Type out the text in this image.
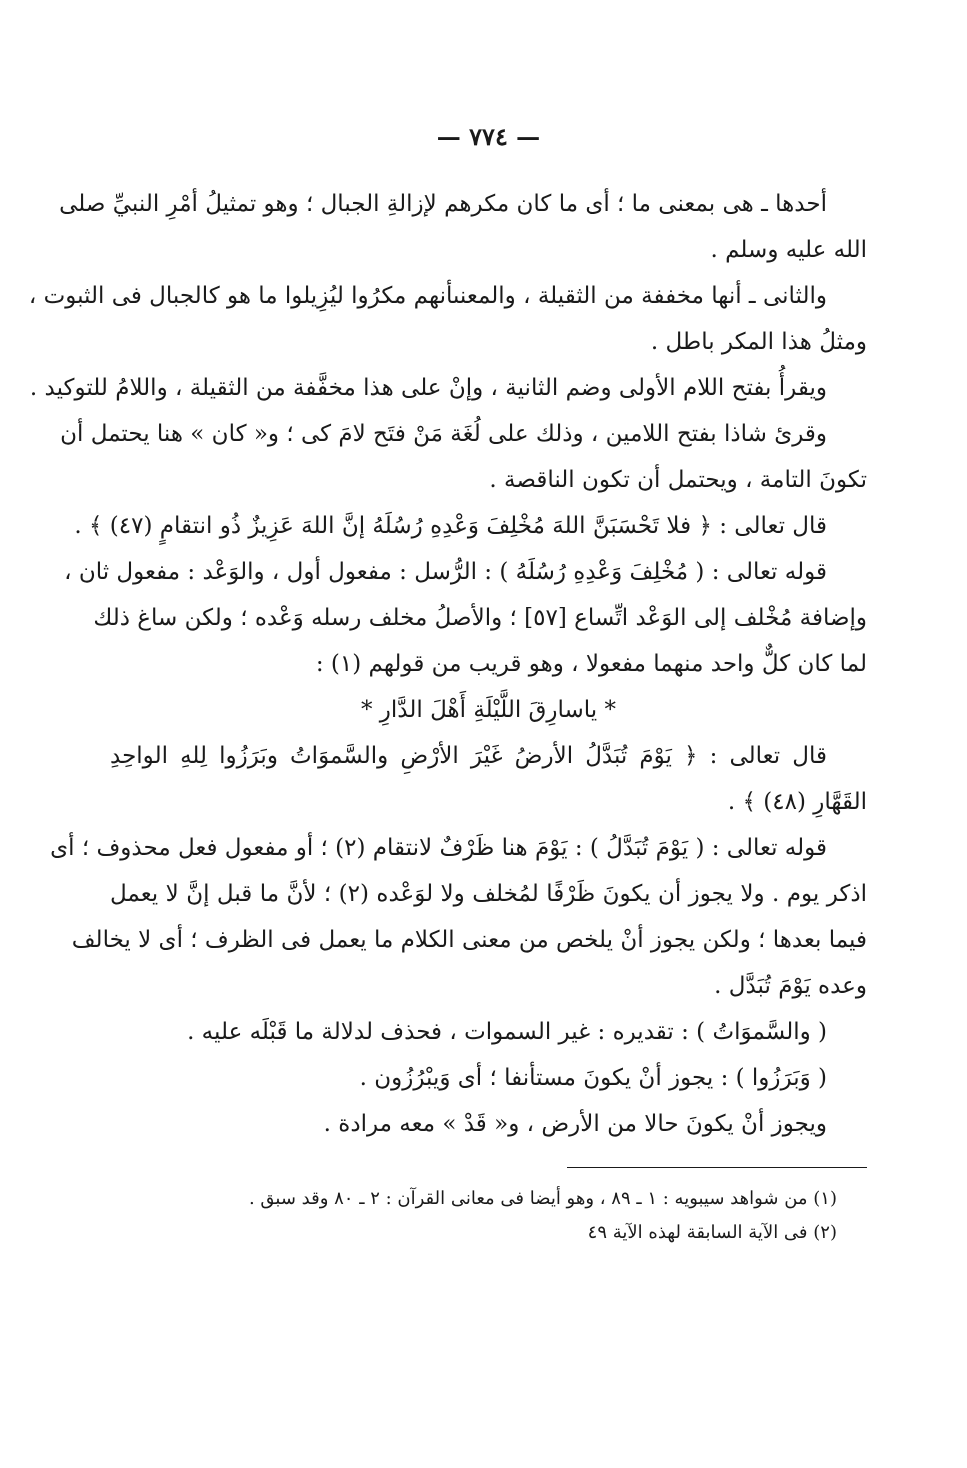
— ٧٧٤ —
أحدها ـ هى بمعنى ما ؛ أى ما كان مكرهم لإزالةِ الجبال ؛ وهو تمثيلُ أمْرِ النبيِّ صلى
الله عليه وسلم .
والثانى ـ أنها مخففة من الثقيلة ، والمعنىأنهم مكرُوا ليُزِيلوا ما هو كالجبال فى الثبوت ،
ومثلُ هذا المكر باطل .
ويقرأُ بفتح اللام الأولى وضم الثانية ، وإنْ على هذا مخفَّفة من الثقيلة ، واللامُ للتوكيد .
وقرئ شاذا بفتح اللامين ، وذلك على لُغَة مَنْ فتَح لامَ كى ؛ و« كان » هنا يحتمل أن
تكونَ التامة ، ويحتمل أن تكون الناقصة .
قال تعالى : ﴿ فلا تَحْسَبَنَّ اللهَ مُخْلِفَ وَعْدِهِ رُسُلَهُ إنَّ اللهَ عَزِيزٌ ذُو انتقامٍ (٤٧) ﴾ .
قوله تعالى : ( مُخْلِفَ وَعْدِهِ رُسُلَهُ ) : الرُّسل : مفعول أول ، والوَعْد : مفعول ثان ،
وإضافة مُخْلف إلى الوَعْد اتِّساع [٥٧] ؛ والأصلُ مخلف رسله وَعْده ؛ ولكن ساغ ذلك
لما كان كلٌّ واحد منهما مفعولا ، وهو قريب من قولهم (١) :
* ياسارِقَ اللَّيْلَةِ أَهْلَ الدَّارِ *
قال تعالى : ﴿ يَوْمَ تُبَدَّلُ الأرضُ غَيْرَ الأرْضِ والسَّموَاتُ وبَرَزُوا لِلهِ الواحِدِ
القَهَّارِ (٤٨) ﴾ .
قوله تعالى : ( يَوْمَ تُبَدَّلُ ) : يَوْمَ هنا ظَرْفٌ لانتقام (٢) ؛ أو مفعول فعل محذوف ؛ أى
اذكر يوم . ولا يجوز أن يكونَ ظَرْفًا لمُخلف ولا لوَعْده (٢) ؛ لأنَّ ما قبل إنَّ لا يعمل
فيما بعدها ؛ ولكن يجوز أنْ يلخص من معنى الكلام ما يعمل فى الظرف ؛ أى لا يخالف
وعده يَوْمَ تُبَدَّل .
( والسَّموَاتُ ) : تقديره : غير السموات ، فحذف لدلالة ما قَبْلَه عليه .
( وَبَرَزُوا ) : يجوز أنْ يكونَ مستأنفا ؛ أى وَيبْرُزُون .
ويجوز أنْ يكونَ حالا من الأرض ، و« قَدْ » معه مرادة .
(١) من شواهد سيبويه : ١ ـ ٨٩ ، وهو أيضا فى معانى القرآن : ٢ ـ ٨٠ وقد سبق .
(٢) فى الآية السابقة لهذه الآية ٤٩
